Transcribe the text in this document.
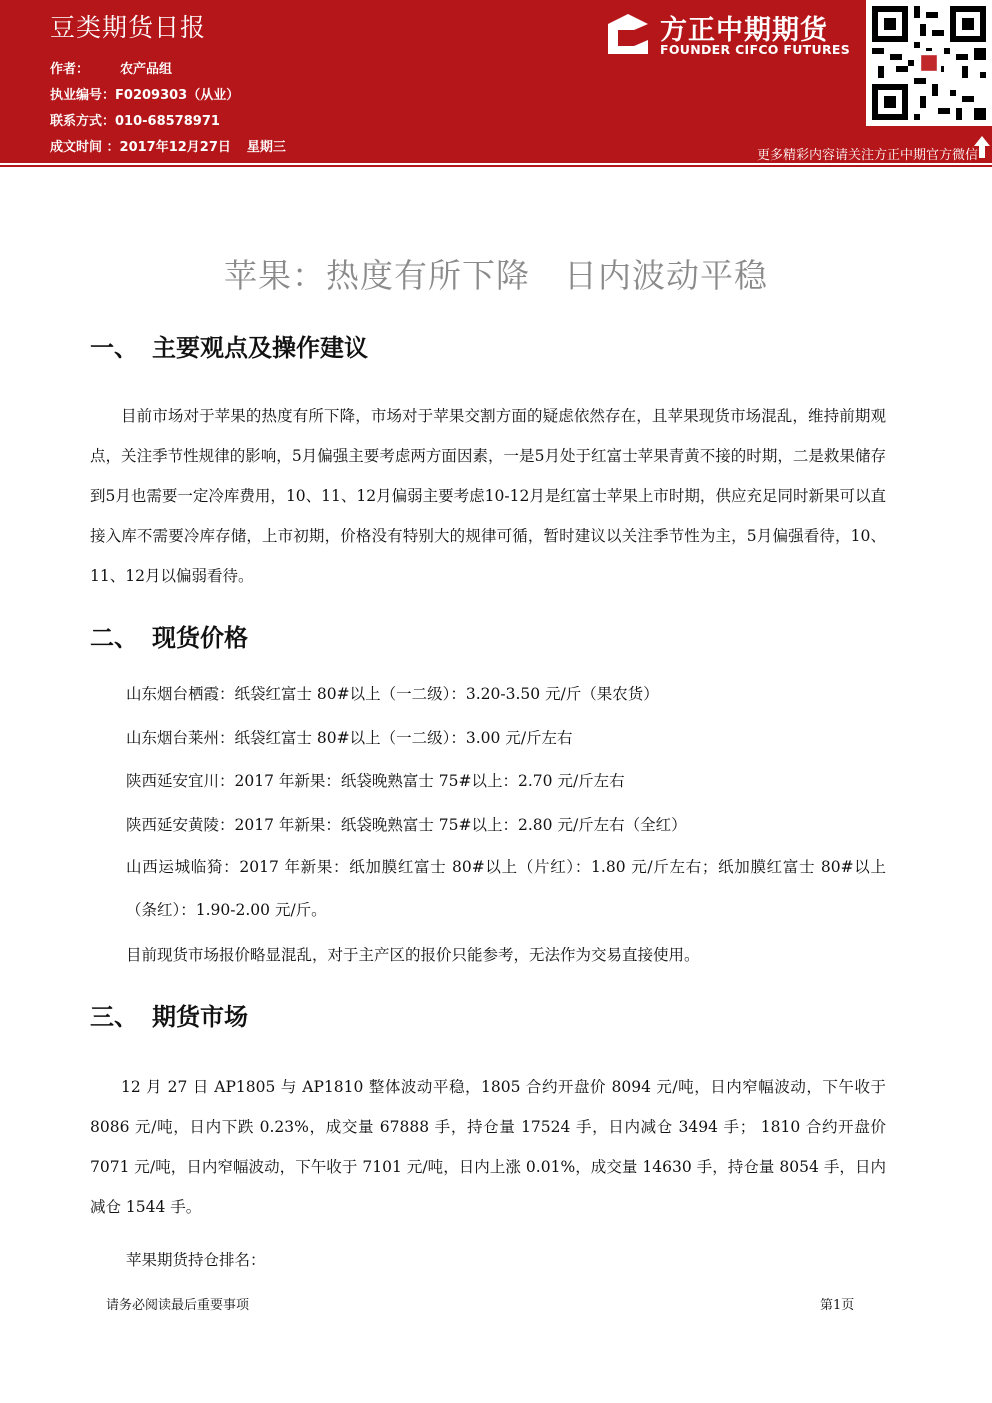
豆类期货日报
作者： 农产品组
执业编号：F0209303（从业）
联系方式：010-68578971
成文时间 ：2017年12月27日 星期三
方正中期期货
FOUNDER CIFCO FUTURES
更多精彩内容请关注方正中期官方微信
苹果：热度有所下降　日内波动平稳
一、 主要观点及操作建议
目前市场对于苹果的热度有所下降，市场对于苹果交割方面的疑虑依然存在，且苹果现货市场混乱，维持前期观点，关注季节性规律的影响，5月偏强主要考虑两方面因素，一是5月处于红富士苹果青黄不接的时期，二是救果储存到5月也需要一定冷库费用，10、11、12月偏弱主要考虑10-12月是红富士苹果上市时期，供应充足同时新果可以直接入库不需要冷库存储，上市初期，价格没有特别大的规律可循，暂时建议以关注季节性为主，5月偏强看待，10、11、12月以偏弱看待。
二、 现货价格
山东烟台栖霞：纸袋红富士 80#以上（一二级）：3.20-3.50 元/斤（果农货）
山东烟台莱州：纸袋红富士 80#以上（一二级）：3.00 元/斤左右
陕西延安宜川：2017 年新果：纸袋晚熟富士 75#以上：2.70 元/斤左右
陕西延安黄陵：2017 年新果：纸袋晚熟富士 75#以上：2.80 元/斤左右（全红）
山西运城临猗：2017 年新果：纸加膜红富士 80#以上（片红）：1.80 元/斤左右；纸加膜红富士 80#以上（条红）：1.90-2.00 元/斤。
目前现货市场报价略显混乱，对于主产区的报价只能参考，无法作为交易直接使用。
三、 期货市场
12 月 27 日 AP1805 与 AP1810 整体波动平稳，1805 合约开盘价 8094 元/吨，日内窄幅波动，下午收于 8086 元/吨，日内下跌 0.23%，成交量 67888 手，持仓量 17524 手，日内减仓 3494 手； 1810 合约开盘价 7071 元/吨，日内窄幅波动，下午收于 7101 元/吨，日内上涨 0.01%，成交量 14630 手，持仓量 8054 手，日内减仓 1544 手。
苹果期货持仓排名：
请务必阅读最后重要事项	第1页
